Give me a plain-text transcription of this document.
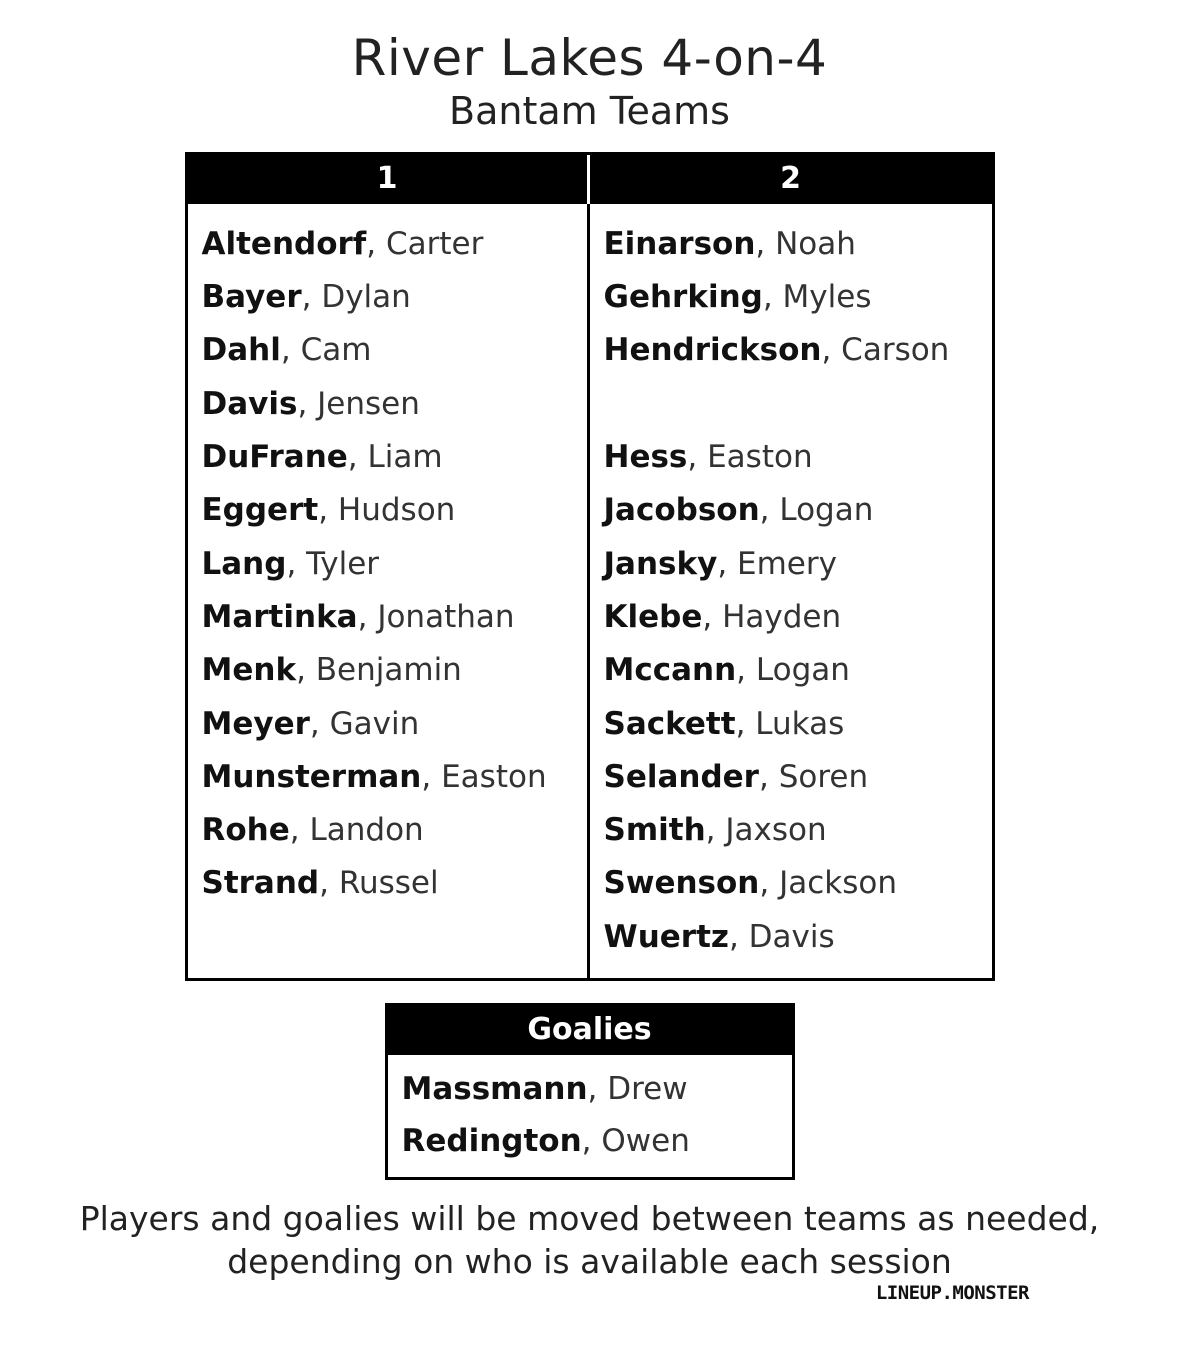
River Lakes 4-on-4
Bantam Teams
1	2
Altendorf, Carter
Bayer, Dylan
Dahl, Cam
Davis, Jensen
DuFrane, Liam
Eggert, Hudson
Lang, Tyler
Martinka, Jonathan
Menk, Benjamin
Meyer, Gavin
Munsterman, Easton
Rohe, Landon
Strand, Russel
Einarson, Noah
Gehrking, Myles
Hendrickson, Carson

Hess, Easton
Jacobson, Logan
Jansky, Emery
Klebe, Hayden
Mccann, Logan
Sackett, Lukas
Selander, Soren
Smith, Jaxson
Swenson, Jackson
Wuertz, Davis
Goalies
Massmann, Drew
Redington, Owen
Players and goalies will be moved between teams as needed, depending on who is available each session
LINEUP.MONSTER
